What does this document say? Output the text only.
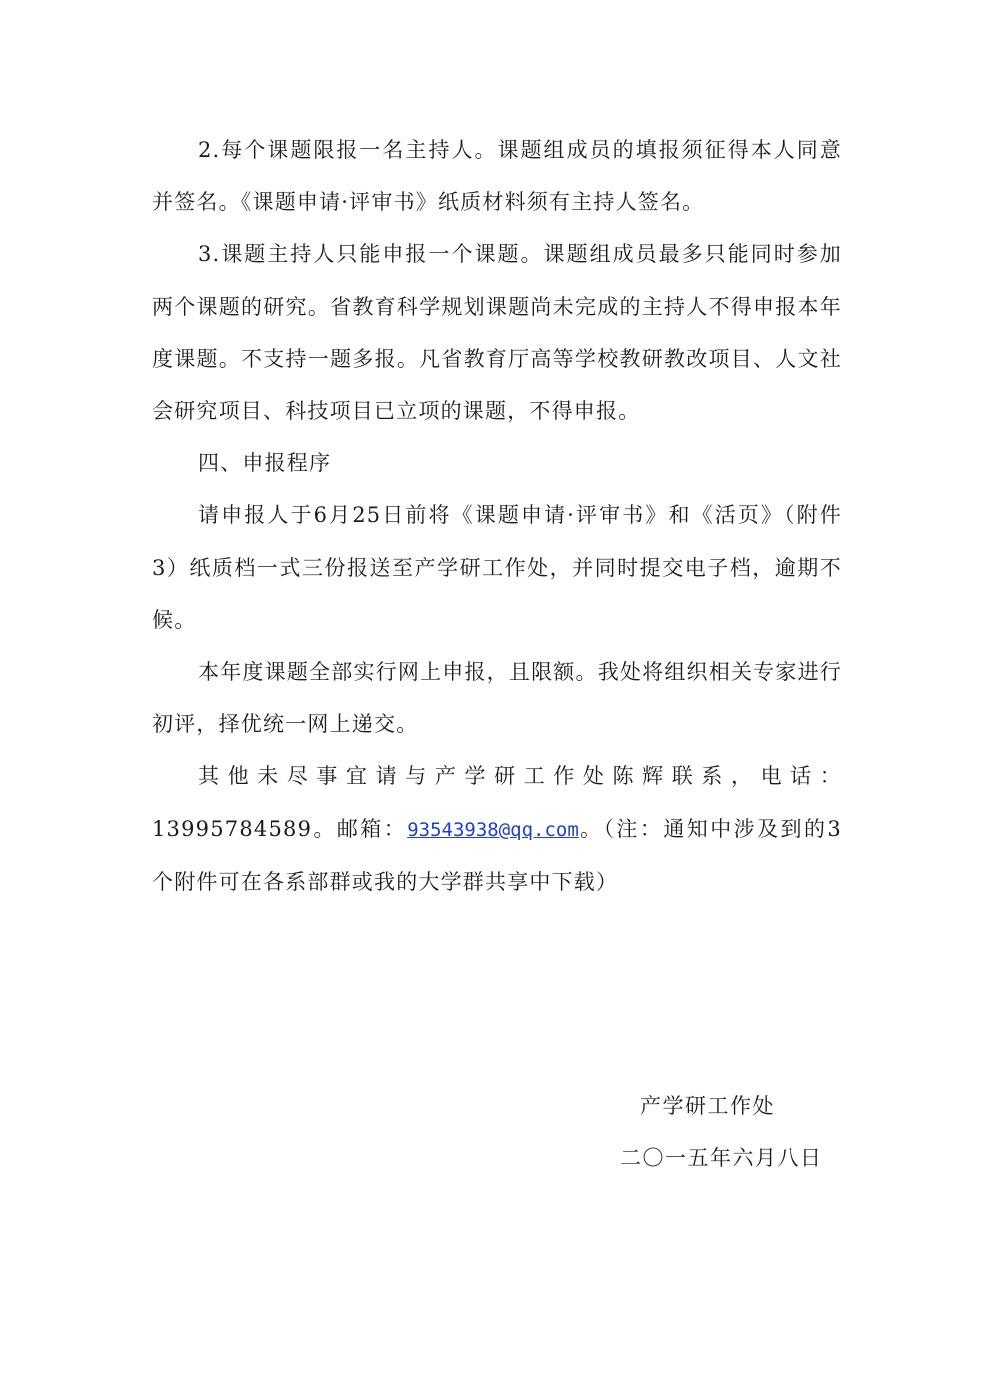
2.每个课题限报一名主持人。课题组成员的填报须征得本人同意并签名。《课题申请·评审书》纸质材料须有主持人签名。

3.课题主持人只能申报一个课题。课题组成员最多只能同时参加两个课题的研究。省教育科学规划课题尚未完成的主持人不得申报本年度课题。不支持一题多报。凡省教育厅高等学校教研教改项目、人文社会研究项目、科技项目已立项的课题，不得申报。

四、申报程序

请申报人于6月25日前将《课题申请·评审书》和《活页》（附件3）纸质档一式三份报送至产学研工作处，并同时提交电子档，逾期不候。

本年度课题全部实行网上申报，且限额。我处将组织相关专家进行初评，择优统一网上递交。

其他未尽事宜请与产学研工作处陈辉联系，电话：13995784589。邮箱：93543938@qq.com。（注：通知中涉及到的3个附件可在各系部群或我的大学群共享中下载）

产学研工作处
二〇一五年六月八日
